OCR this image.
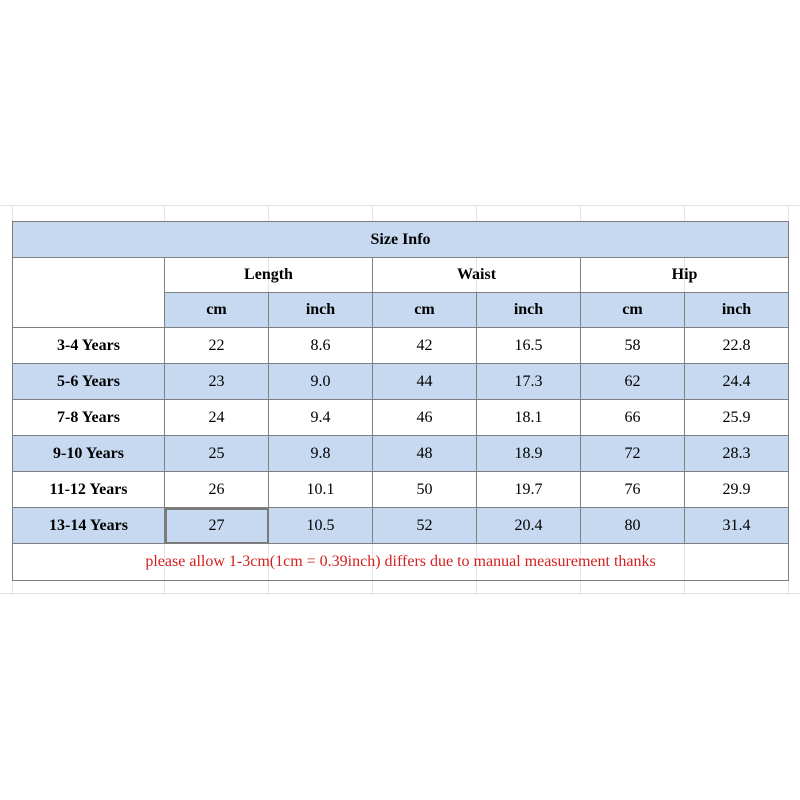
Size Info						
	Length		Waist		Hip	
	cm	inch	cm	inch	cm	inch
3-4 Years	22	8.6	42	16.5	58	22.8
5-6 Years	23	9.0	44	17.3	62	24.4
7-8 Years	24	9.4	46	18.1	66	25.9
9-10 Years	25	9.8	48	18.9	72	28.3
11-12 Years	26	10.1	50	19.7	76	29.9
13-14 Years	27	10.5	52	20.4	80	31.4
please allow 1-3cm(1cm = 0.39inch) differs due to manual measurement thanks						
